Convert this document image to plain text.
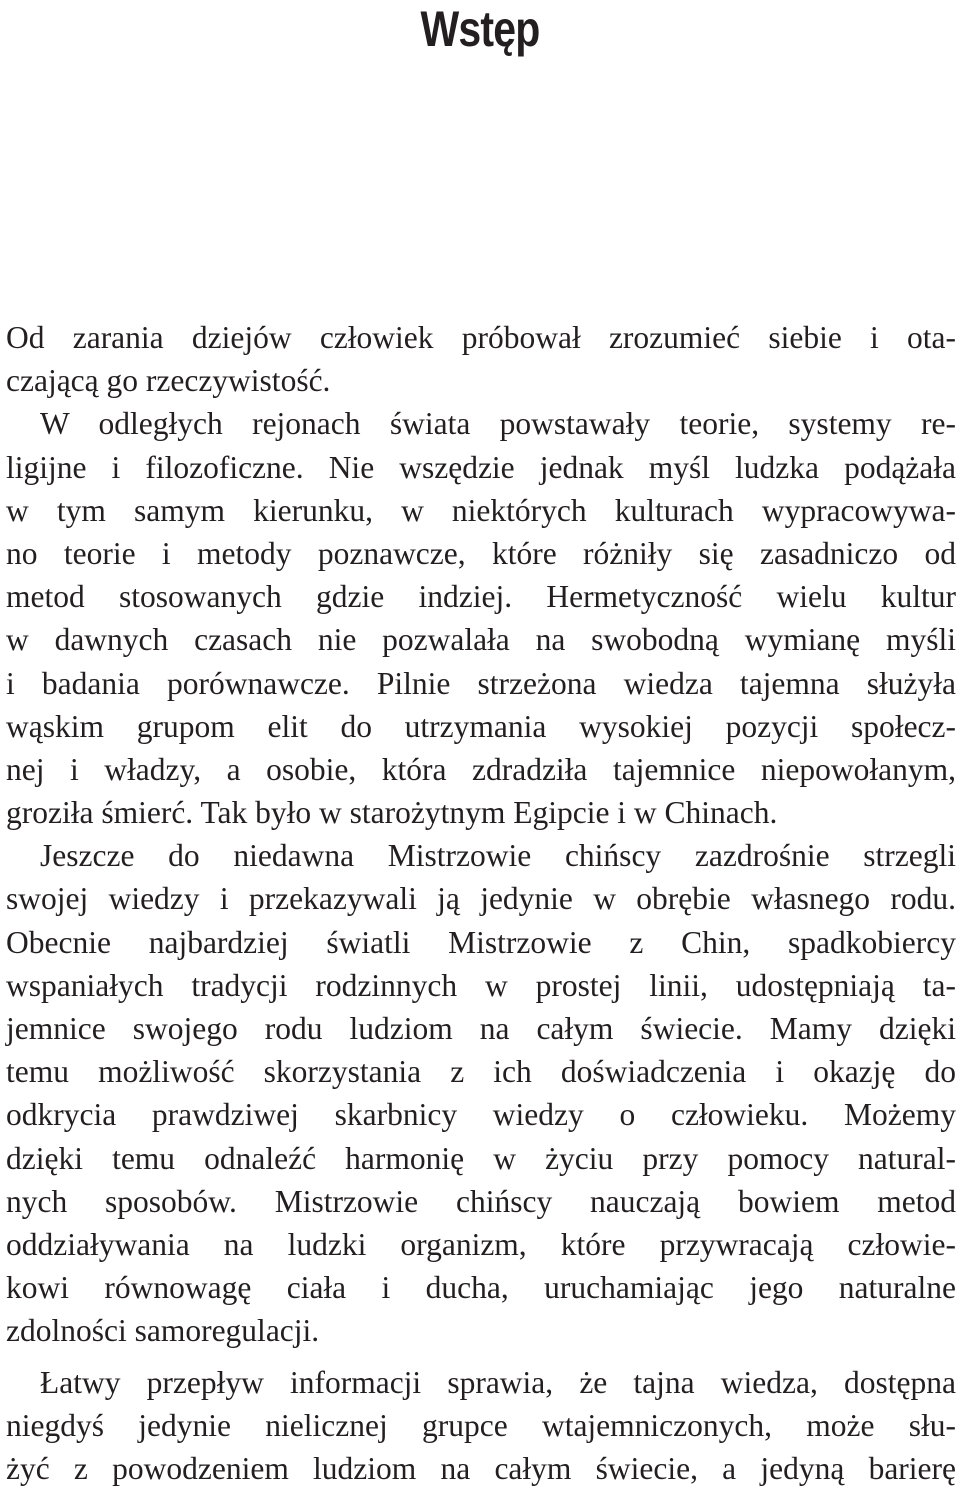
Wstęp
Od zarania dziejów człowiek próbował zrozumieć siebie i ota-
czającą go rzeczywistość.
W odległych rejonach świata powstawały teorie, systemy re-
ligijne i filozoficzne. Nie wszędzie jednak myśl ludzka podążała
w tym samym kierunku, w niektórych kulturach wypracowywa-
no teorie i metody poznawcze, które różniły się zasadniczo od
metod stosowanych gdzie indziej. Hermetyczność wielu kultur
w dawnych czasach nie pozwalała na swobodną wymianę myśli
i badania porównawcze. Pilnie strzeżona wiedza tajemna służyła
wąskim grupom elit do utrzymania wysokiej pozycji społecz-
nej i władzy, a osobie, która zdradziła tajemnice niepowołanym,
groziła śmierć. Tak było w starożytnym Egipcie i w Chinach.
Jeszcze do niedawna Mistrzowie chińscy zazdrośnie strzegli
swojej wiedzy i przekazywali ją jedynie w obrębie własnego rodu.
Obecnie najbardziej światli Mistrzowie z Chin, spadkobiercy
wspaniałych tradycji rodzinnych w prostej linii, udostępniają ta-
jemnice swojego rodu ludziom na całym świecie. Mamy dzięki
temu możliwość skorzystania z ich doświadczenia i okazję do
odkrycia prawdziwej skarbnicy wiedzy o człowieku. Możemy
dzięki temu odnaleźć harmonię w życiu przy pomocy natural-
nych sposobów. Mistrzowie chińscy nauczają bowiem metod
oddziaływania na ludzki organizm, które przywracają człowie-
kowi równowagę ciała i ducha, uruchamiając jego naturalne
zdolności samoregulacji.
Łatwy przepływ informacji sprawia, że tajna wiedza, dostępna
niegdyś jedynie nielicznej grupce wtajemniczonych, może słu-
żyć z powodzeniem ludziom na całym świecie, a jedyną barierę
